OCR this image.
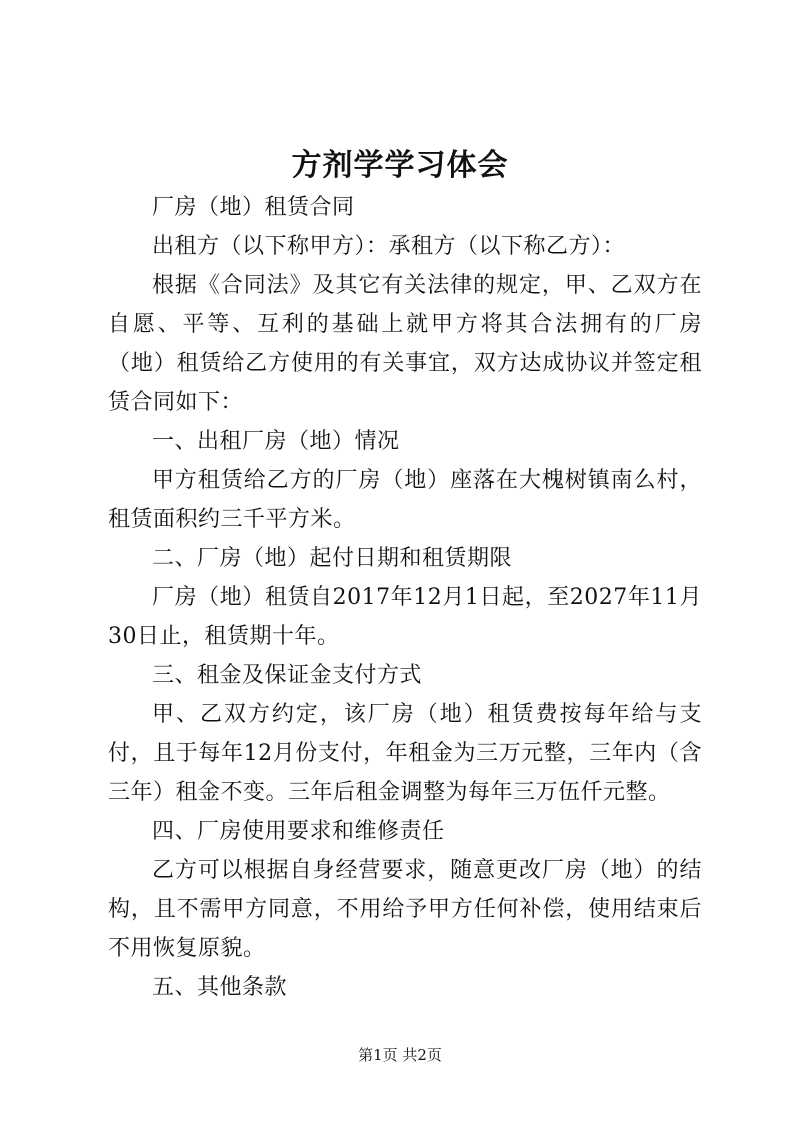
方剂学学习体会

厂房（地）租赁合同

出租方（以下称甲方）：承租方（以下称乙方）：

根据《合同法》及其它有关法律的规定，甲、乙双方在自愿、平等、互利的基础上就甲方将其合法拥有的厂房（地）租赁给乙方使用的有关事宜，双方达成协议并签定租赁合同如下：

一、出租厂房（地）情况

甲方租赁给乙方的厂房（地）座落在大槐树镇南么村，租赁面积约三千平方米。

二、厂房（地）起付日期和租赁期限

厂房（地）租赁自2017年12月1日起，至2027年11月30日止，租赁期十年。

三、租金及保证金支付方式

甲、乙双方约定，该厂房（地）租赁费按每年给与支付，且于每年12月份支付，年租金为三万元整，三年内（含三年）租金不变。三年后租金调整为每年三万伍仟元整。

四、厂房使用要求和维修责任

乙方可以根据自身经营要求，随意更改厂房（地）的结构，且不需甲方同意，不用给予甲方任何补偿，使用结束后不用恢复原貌。

五、其他条款

第1页 共2页
